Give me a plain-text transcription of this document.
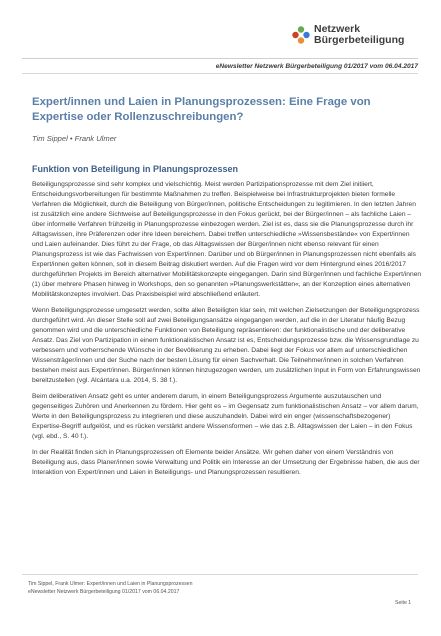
Netzwerk
Bürgerbeteiligung
eNewsletter Netzwerk Bürgerbeteiligung 01/2017 vom 06.04.2017
Expert/innen und Laien in Planungsprozessen: Eine Frage von Expertise oder Rollenzuschreibungen?
Tim Sippel • Frank Ulmer
Funktion von Beteiligung in Planungsprozessen

Beteiligungsprozesse sind sehr komplex und vielschichtig. Meist werden Partizipationsprozesse mit dem Ziel initiiert, Entscheidungsvorbereitungen für bestimmte Maßnahmen zu treffen. Beispielweise bei Infrastrukturprojekten bieten formelle Verfahren die Möglichkeit, durch die Beteiligung von Bürger/innen, politische Entscheidungen zu legitimieren. In den letzten Jahren ist zusätzlich eine andere Sichtweise auf Beteiligungsprozesse in den Fokus gerückt, bei der Bürger/innen – als fachliche Laien – über informelle Verfahren frühzeitig in Planungsprozesse einbezogen werden. Ziel ist es, dass sie die Planungsprozesse durch ihr Alltagswissen, ihre Präferenzen oder ihre Ideen bereichern. Dabei treffen unterschiedliche »Wissensbestände« von Expert/innen und Laien aufeinander. Dies führt zu der Frage, ob das Alltagswissen der Bürger/innen nicht ebenso relevant für einen Planungsprozess ist wie das Fachwissen von Expert/innen. Darüber und ob Bürger/innen in Planungsprozessen nicht ebenfalls als Expert/innen gelten können, soll in diesem Beitrag diskutiert werden. Auf die Fragen wird vor dem Hintergrund eines 2016/2017 durchgeführten Projekts im Bereich alternativer Mobilitätskonzepte eingegangen. Darin sind Bürger/innen und fachliche Expert/innen (1) über mehrere Phasen hinweg in Workshops, den so genannten »Planungswerkstätten«, an der Konzeption eines alternativen Mobilitätskonzeptes involviert. Das Praxisbeispiel wird abschließend erläutert.

Wenn Beteiligungsprozesse umgesetzt werden, sollte allen Beteiligten klar sein, mit welchen Zielsetzungen der Beteiligungsprozess durchgeführt wird. An dieser Stelle soll auf zwei Beteiligungsansätze eingegangen werden, auf die in der Literatur häufig Bezug genommen wird und die unterschiedliche Funktionen von Beteiligung repräsentieren: der funktionalistische und der deliberative Ansatz. Das Ziel von Partizipation in einem funktionalistischen Ansatz ist es, Entscheidungsprozesse bzw. die Wissensgrundlage zu verbessern und vorherrschende Wünsche in der Bevölkerung zu erheben. Dabei liegt der Fokus vor allem auf unterschiedlichen Wissensträger/innen und der Suche nach der besten Lösung für einen Sachverhalt. Die Teilnehmer/innen in solchen Verfahren bestehen meist aus Expert/innen. Bürger/innen können hinzugezogen werden, um zusätzlichen Input in Form von Erfahrungswissen bereitzustellen (vgl. Alcántara u.a. 2014, S. 38 f.).

Beim deliberativen Ansatz geht es unter anderem darum, in einem Beteiligungsprozess Argumente auszutauschen und gegenseitiges Zuhören und Anerkennen zu fördern. Hier geht es – im Gegensatz zum funktionalistischen Ansatz – vor allem darum, Werte in den Beteiligungsprozess zu integrieren und diese auszuhandeln. Dabei wird ein enger (wissenschaftsbezogener) Expertise-Begriff aufgelöst, und es rücken verstärkt andere Wissensformen – wie das z.B. Alltagswissen der Laien – in den Fokus (vgl. ebd., S. 40 f.).

In der Realität finden sich in Planungsprozessen oft Elemente beider Ansätze. Wir gehen daher von einem Verständnis von Beteiligung aus, dass Planer/innen sowie Verwaltung und Politik ein Interesse an der Umsetzung der Ergebnisse haben, die aus der Interaktion von Expert/innen und Laien in Beteiligungs- und Planungsprozessen resultieren.

Tim Sippel, Frank Ulmer: Expert/innen und Laien in Planungsprozessen
eNewsletter Netzwerk Bürgerbeteiligung 01/2017 vom 06.04.2017
Seite 1
